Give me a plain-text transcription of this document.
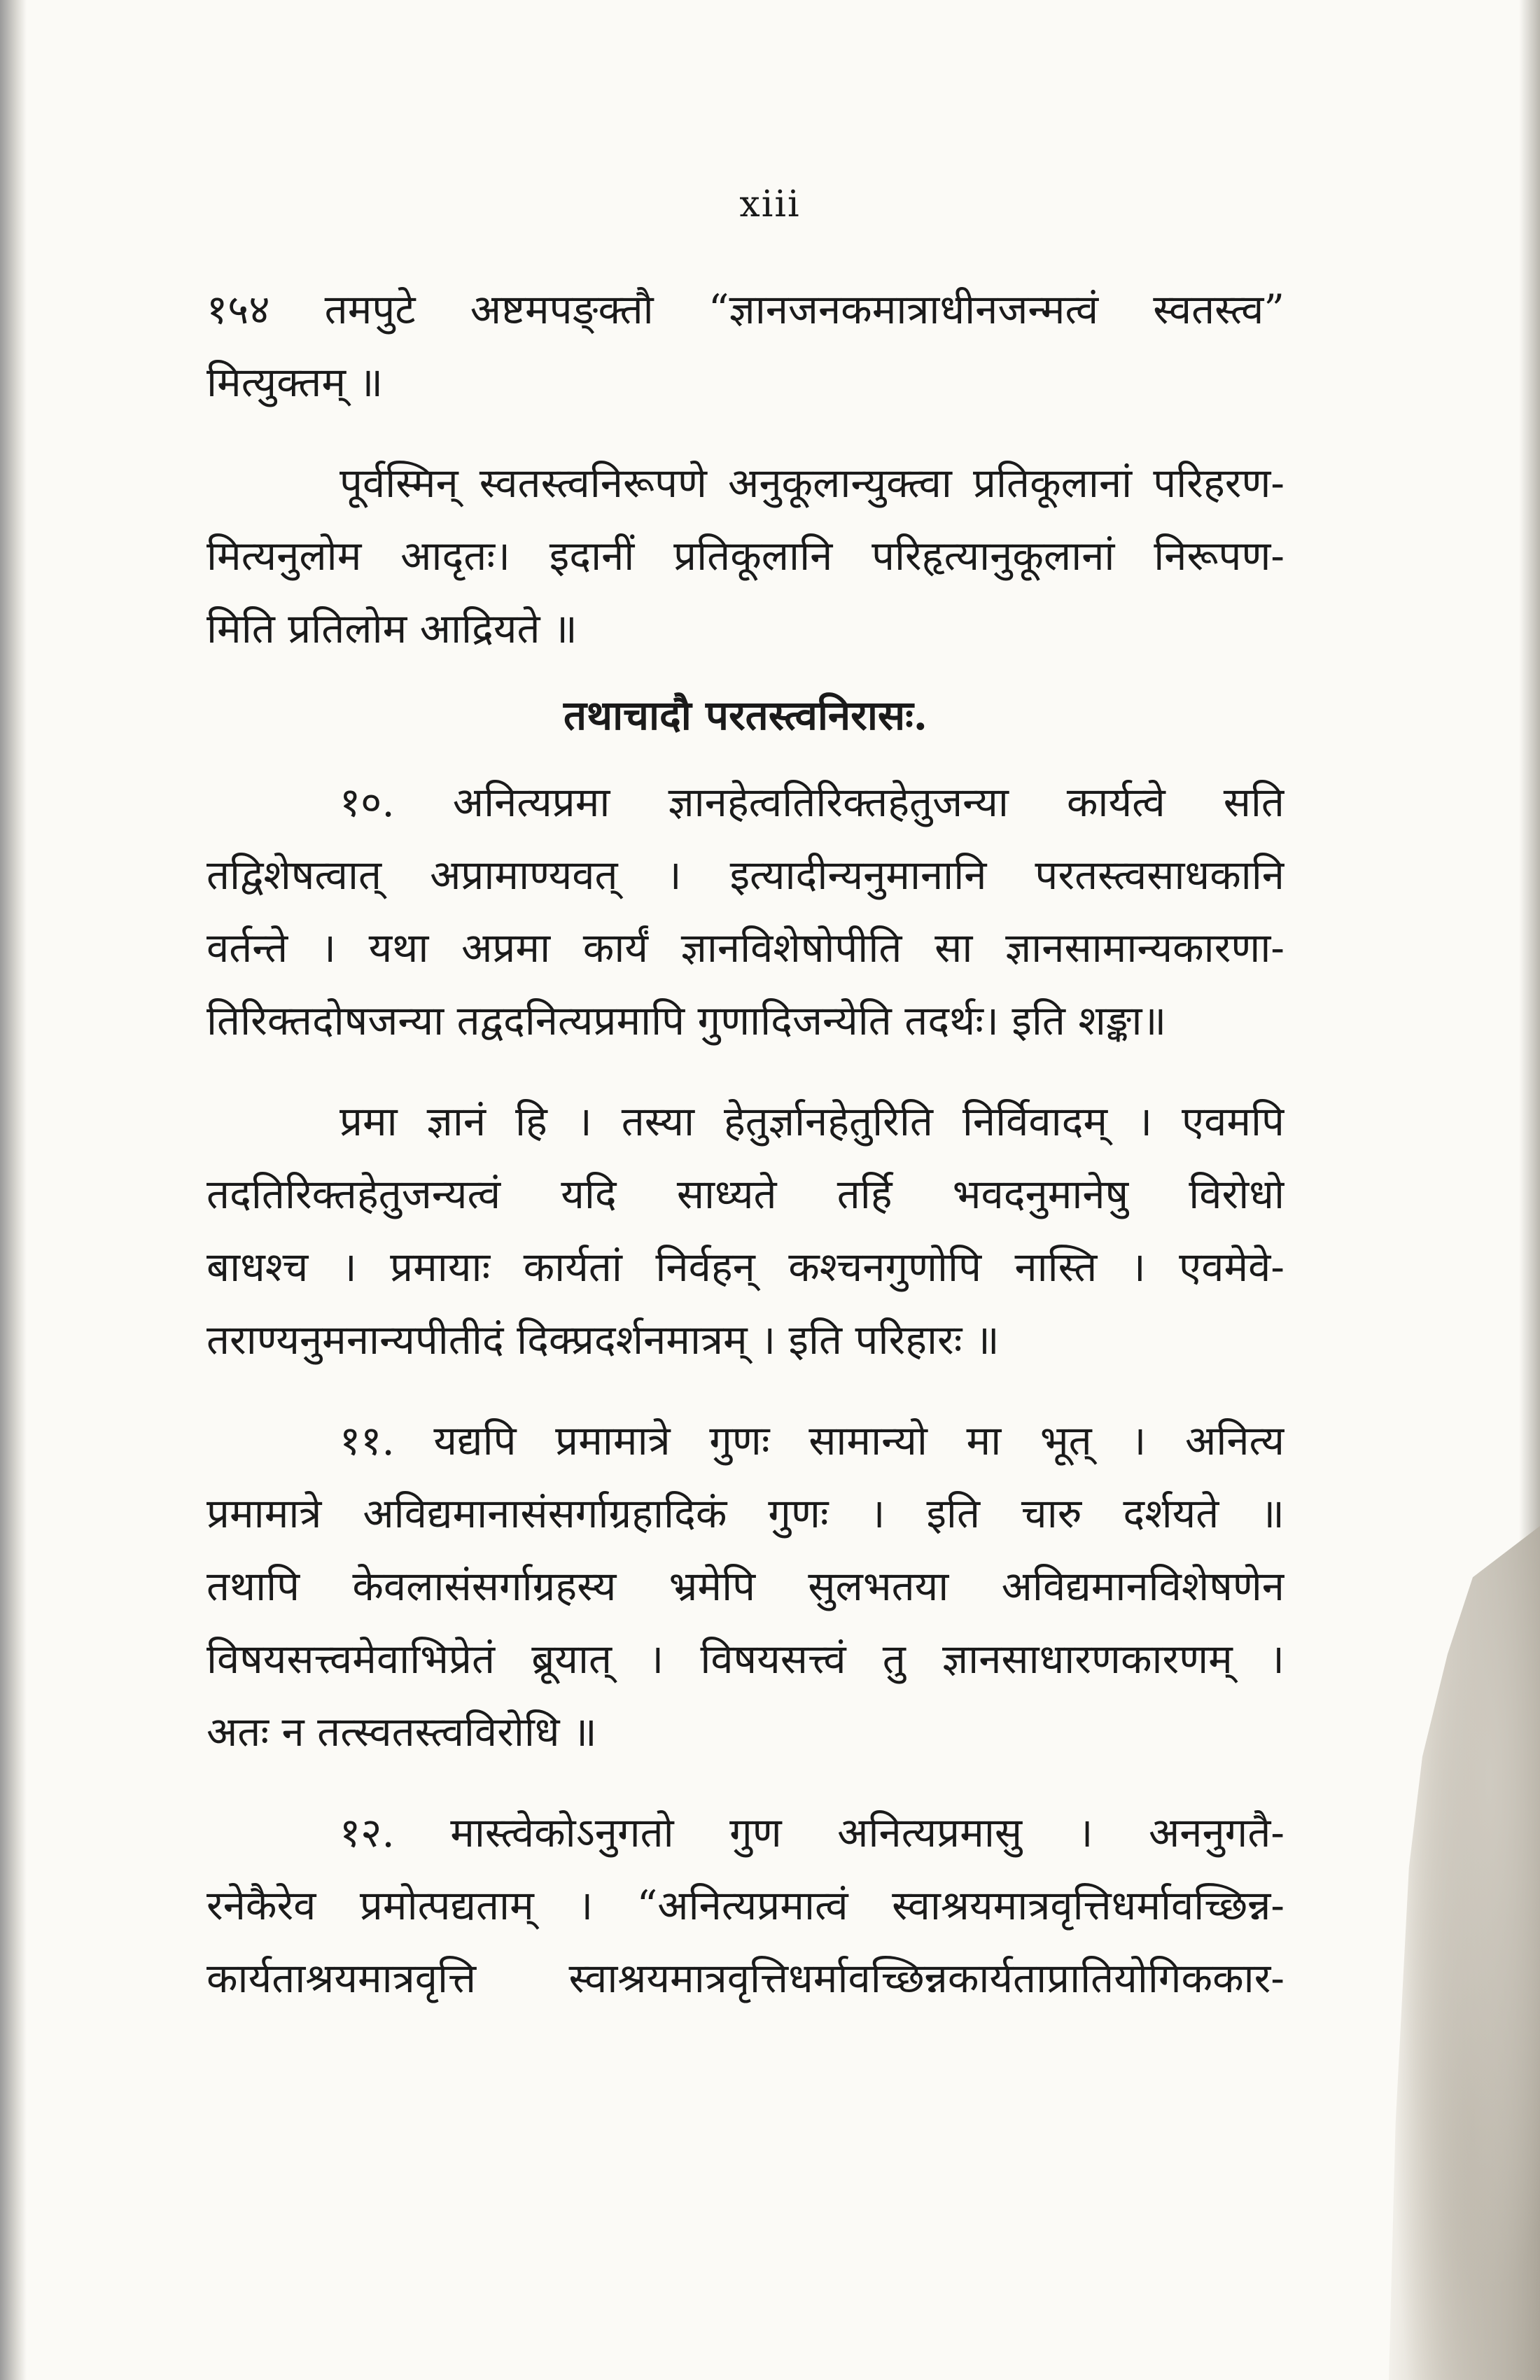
xiii
१५४ तमपुटे अष्टमपङ्क्तौ “ज्ञानजनकमात्राधीनजन्मत्वं स्वतस्त्व”
मित्युक्तम् ॥
पूर्वस्मिन् स्वतस्त्वनिरूपणे अनुकूलान्युक्त्वा प्रतिकूलानां परिहरण-
मित्यनुलोम आदृतः। इदानीं प्रतिकूलानि परिहृत्यानुकूलानां निरूपण-
मिति प्रतिलोम आद्रियते ॥
तथाचादौ परतस्त्वनिरासः.
१०. अनित्यप्रमा ज्ञानहेत्वतिरिक्तहेतुजन्या कार्यत्वे सति
तद्विशेषत्वात् अप्रामाण्यवत् । इत्यादीन्यनुमानानि परतस्त्वसाधकानि
वर्तन्ते । यथा अप्रमा कार्यं ज्ञानविशेषोपीति सा ज्ञानसामान्यकारणा-
तिरिक्तदोषजन्या तद्वदनित्यप्रमापि गुणादिजन्येति तदर्थः। इति शङ्का॥
प्रमा ज्ञानं हि । तस्या हेतुर्ज्ञानहेतुरिति निर्विवादम् । एवमपि
तदतिरिक्तहेतुजन्यत्वं यदि साध्यते तर्हि भवदनुमानेषु विरोधो
बाधश्च । प्रमायाः कार्यतां निर्वहन् कश्चनगुणोपि नास्ति । एवमेवे-
तराण्यनुमनान्यपीतीदं दिक्प्रदर्शनमात्रम् । इति परिहारः ॥
११. यद्यपि प्रमामात्रे गुणः सामान्यो मा भूत् । अनित्य
प्रमामात्रे अविद्यमानासंसर्गाग्रहादिकं गुणः । इति चारु दर्शयते ॥
तथापि केवलासंसर्गाग्रहस्य भ्रमेपि सुलभतया अविद्यमानविशेषणेन
विषयसत्त्वमेवाभिप्रेतं ब्रूयात् । विषयसत्त्वं तु ज्ञानसाधारणकारणम् ।
अतः न तत्स्वतस्त्वविरोधि ॥
१२. मास्त्वेकोऽनुगतो गुण अनित्यप्रमासु । अननुगतै-
रनेकैरेव प्रमोत्पद्यताम् । “अनित्यप्रमात्वं स्वाश्रयमात्रवृत्तिधर्मावच्छिन्न-
कार्यताश्रयमात्रवृत्ति स्वाश्रयमात्रवृत्तिधर्मावच्छिन्नकार्यताप्रातियोगिककार-
